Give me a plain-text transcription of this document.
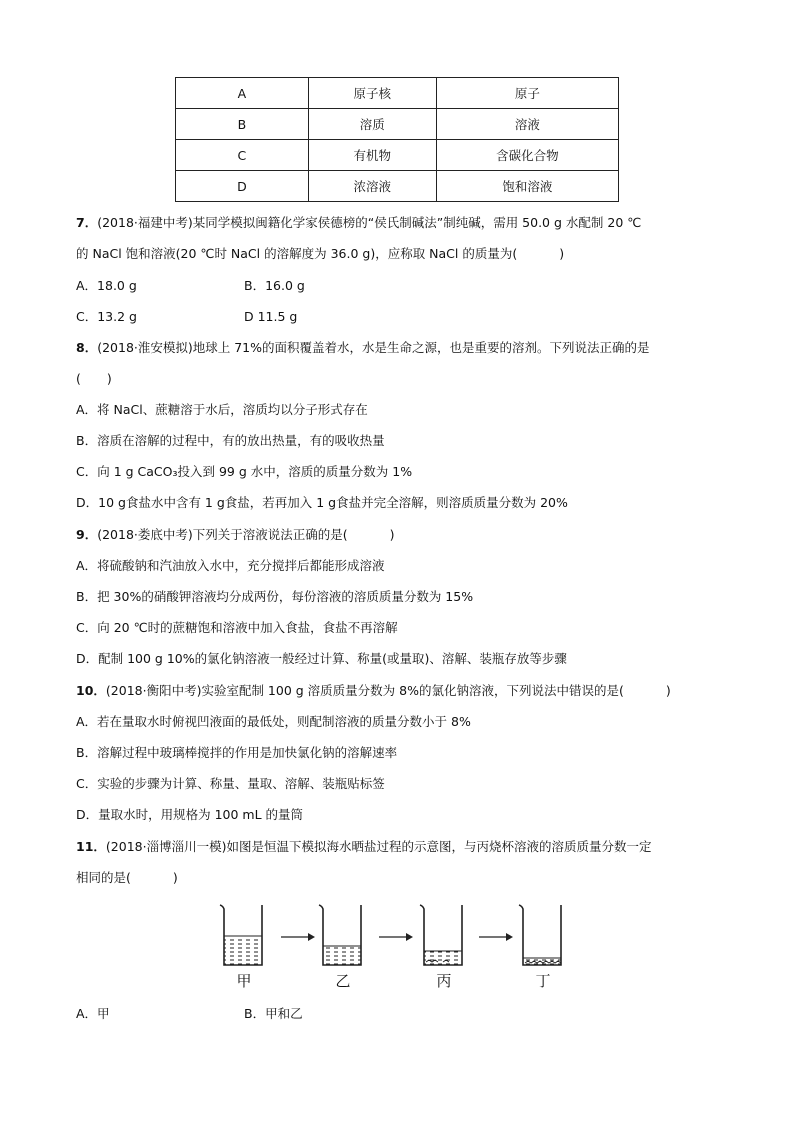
A	原子核	原子
B	溶质	溶液
C	有机物	含碳化合物
D	浓溶液	饱和溶液
7．(2018·福建中考)某同学模拟闽籍化学家侯德榜的“侯氏制碱法”制纯碱，需用 50.0 g 水配制 20 ℃
的 NaCl 饱和溶液(20 ℃时 NaCl 的溶解度为 36.0 g)，应称取 NaCl 的质量为(	)
A．18.0 g	B．16.0 g
C．13.2 g	D 11.5 g
8．(2018·淮安模拟)地球上 71%的面积覆盖着水，水是生命之源，也是重要的溶剂。下列说法正确的是
( )
A．将 NaCl、蔗糖溶于水后，溶质均以分子形式存在
B．溶质在溶解的过程中，有的放出热量，有的吸收热量
C．向 1 g CaCO₃投入到 99 g 水中，溶质的质量分数为 1%
D．10 g食盐水中含有 1 g食盐，若再加入 1 g食盐并完全溶解，则溶质质量分数为 20%
9．(2018·娄底中考)下列关于溶液说法正确的是(	)
A．将硫酸钠和汽油放入水中，充分搅拌后都能形成溶液
B．把 30%的硝酸钾溶液均分成两份，每份溶液的溶质质量分数为 15%
C．向 20 ℃时的蔗糖饱和溶液中加入食盐，食盐不再溶解
D．配制 100 g 10%的氯化钠溶液一般经过计算、称量(或量取)、溶解、装瓶存放等步骤
10．(2018·衡阳中考)实验室配制 100 g 溶质质量分数为 8%的氯化钠溶液，下列说法中错误的是(	)
A．若在量取水时俯视凹液面的最低处，则配制溶液的质量分数小于 8%
B．溶解过程中玻璃棒搅拌的作用是加快氯化钠的溶解速率
C．实验的步骤为计算、称量、量取、溶解、装瓶贴标签
D．量取水时，用规格为 100 mL 的量筒
11．(2018·淄博淄川一模)如图是恒温下模拟海水晒盐过程的示意图，与丙烧杯溶液的溶质质量分数一定
相同的是(	)
甲	乙	丙	丁
A．甲	B．甲和乙
